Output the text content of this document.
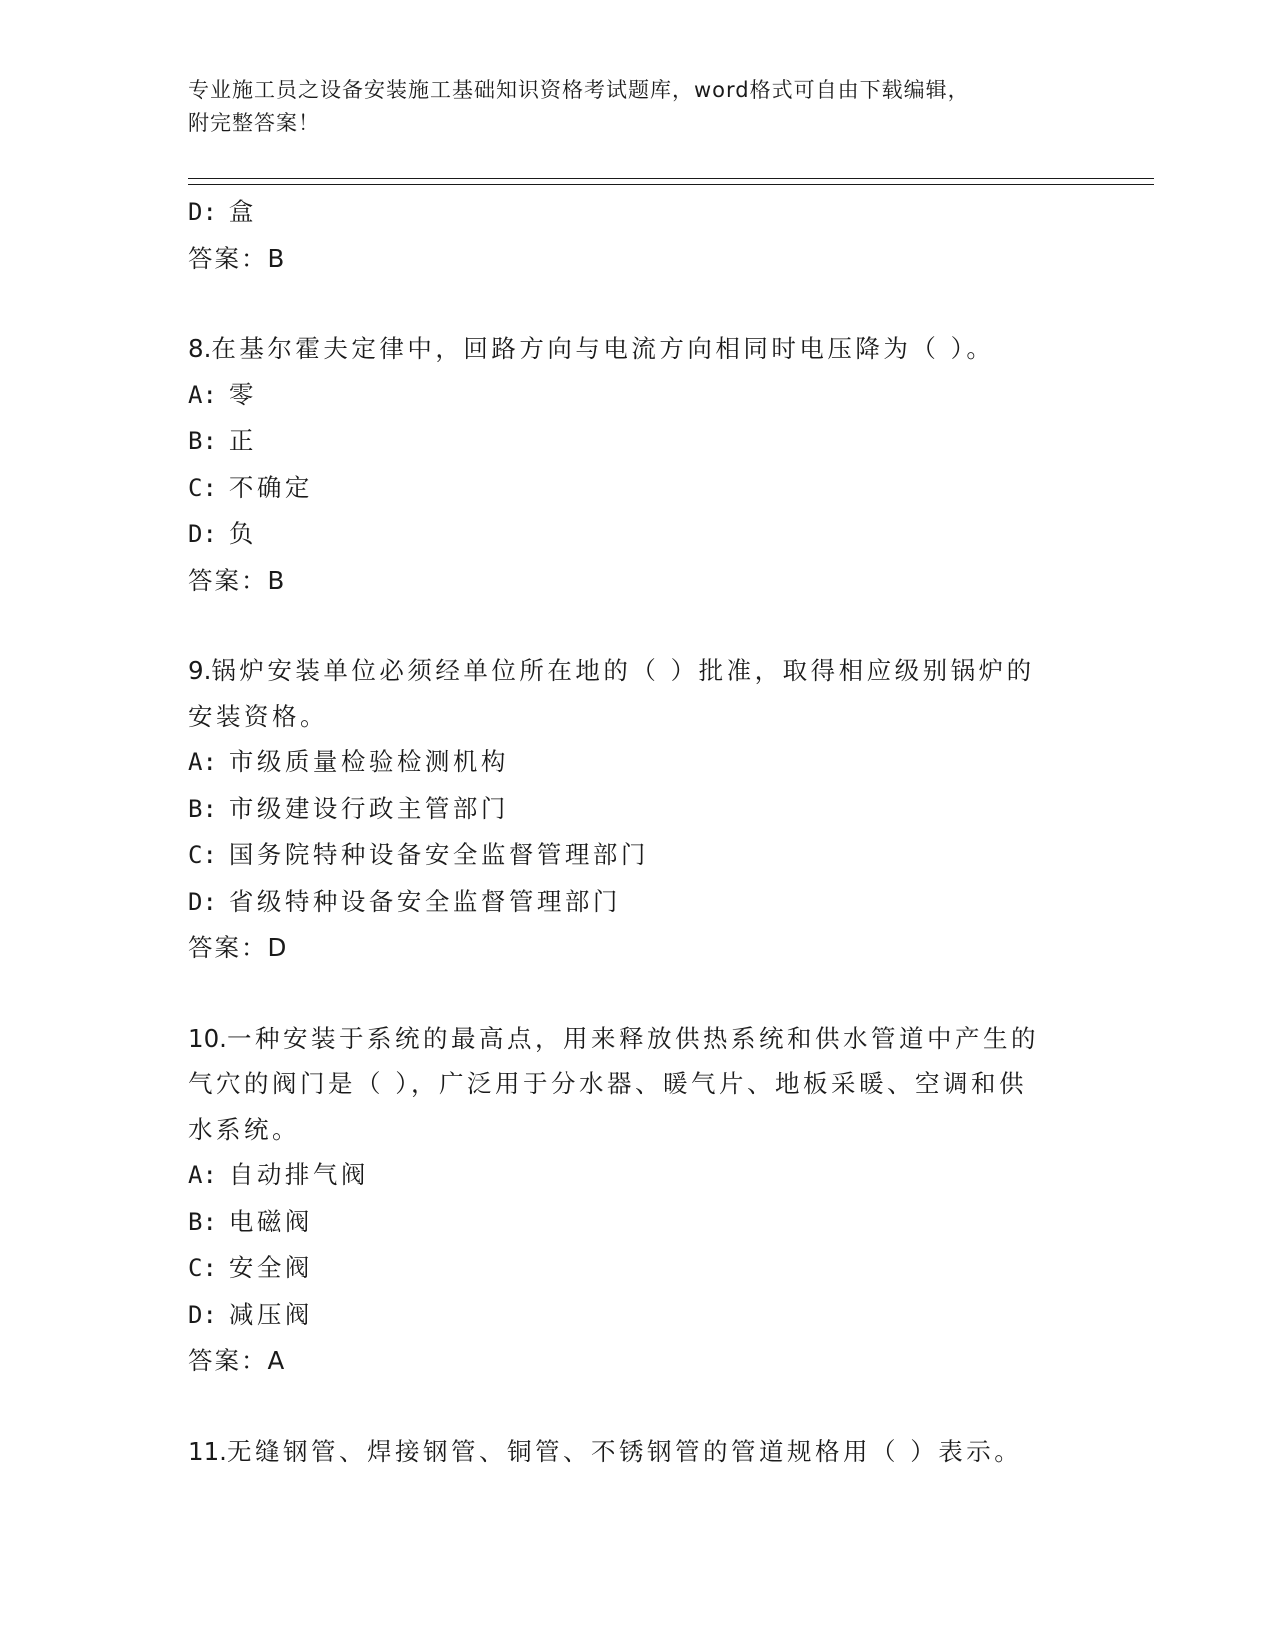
专业施工员之设备安装施工基础知识资格考试题库，word格式可自由下载编辑，
附完整答案！
D: 盒
答案：B
8.在基尔霍夫定律中，回路方向与电流方向相同时电压降为（ ）。
A: 零
B: 正
C: 不确定
D: 负
答案：B
9.锅炉安装单位必须经单位所在地的（ ）批准，取得相应级别锅炉的
安装资格。
A: 市级质量检验检测机构
B: 市级建设行政主管部门
C: 国务院特种设备安全监督管理部门
D: 省级特种设备安全监督管理部门
答案：D
10.一种安装于系统的最高点，用来释放供热系统和供水管道中产生的
气穴的阀门是（ ），广泛用于分水器、暖气片、地板采暖、空调和供
水系统。
A: 自动排气阀
B: 电磁阀
C: 安全阀
D: 减压阀
答案：A
11.无缝钢管、焊接钢管、铜管、不锈钢管的管道规格用（ ）表示。
